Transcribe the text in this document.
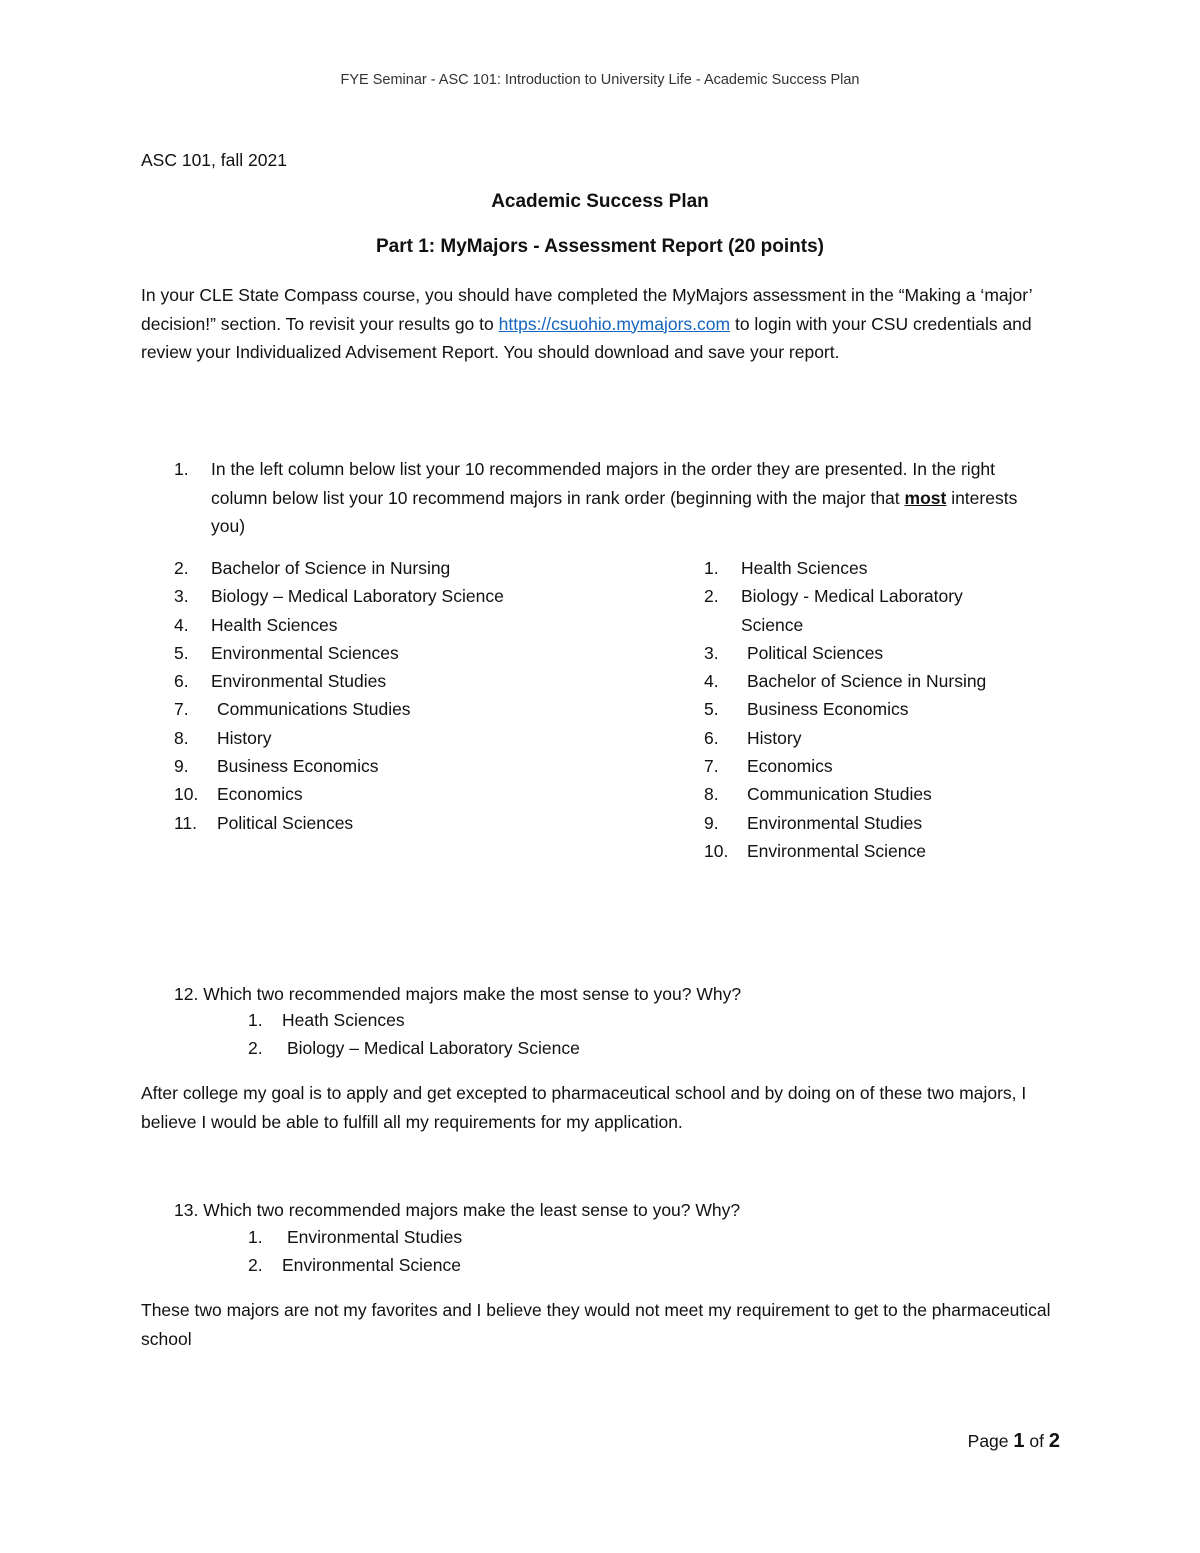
FYE Seminar - ASC 101: Introduction to University Life - Academic Success Plan
ASC 101, fall 2021
Academic Success Plan
Part 1: MyMajors - Assessment Report (20 points)
In your CLE State Compass course, you should have completed the MyMajors assessment in the “Making a ‘major’ decision!” section. To revisit your results go to https://csuohio.mymajors.com to login with your CSU credentials and review your Individualized Advisement Report. You should download and save your report.
1. In the left column below list your 10 recommended majors in the order they are presented. In the right column below list your 10 recommend majors in rank order (beginning with the major that most interests you)
2. Bachelor of Science in Nursing
3. Biology – Medical Laboratory Science
4. Health Sciences
5. Environmental Sciences
6. Environmental Studies
7. Communications Studies
8. History
9. Business Economics
10. Economics
11. Political Sciences
1. Health Sciences
2. Biology - Medical Laboratory Science
3. Political Sciences
4. Bachelor of Science in Nursing
5. Business Economics
6. History
7. Economics
8. Communication Studies
9. Environmental Studies
10. Environmental Science
12. Which two recommended majors make the most sense to you? Why?
1. Heath Sciences
2. Biology – Medical Laboratory Science
After college my goal is to apply and get excepted to pharmaceutical school and by doing on of these two majors, I believe I would be able to fulfill all my requirements for my application.
13. Which two recommended majors make the least sense to you? Why?
1. Environmental Studies
2. Environmental Science
These two majors are not my favorites and I believe they would not meet my requirement to get to the pharmaceutical school
Page 1 of 2
